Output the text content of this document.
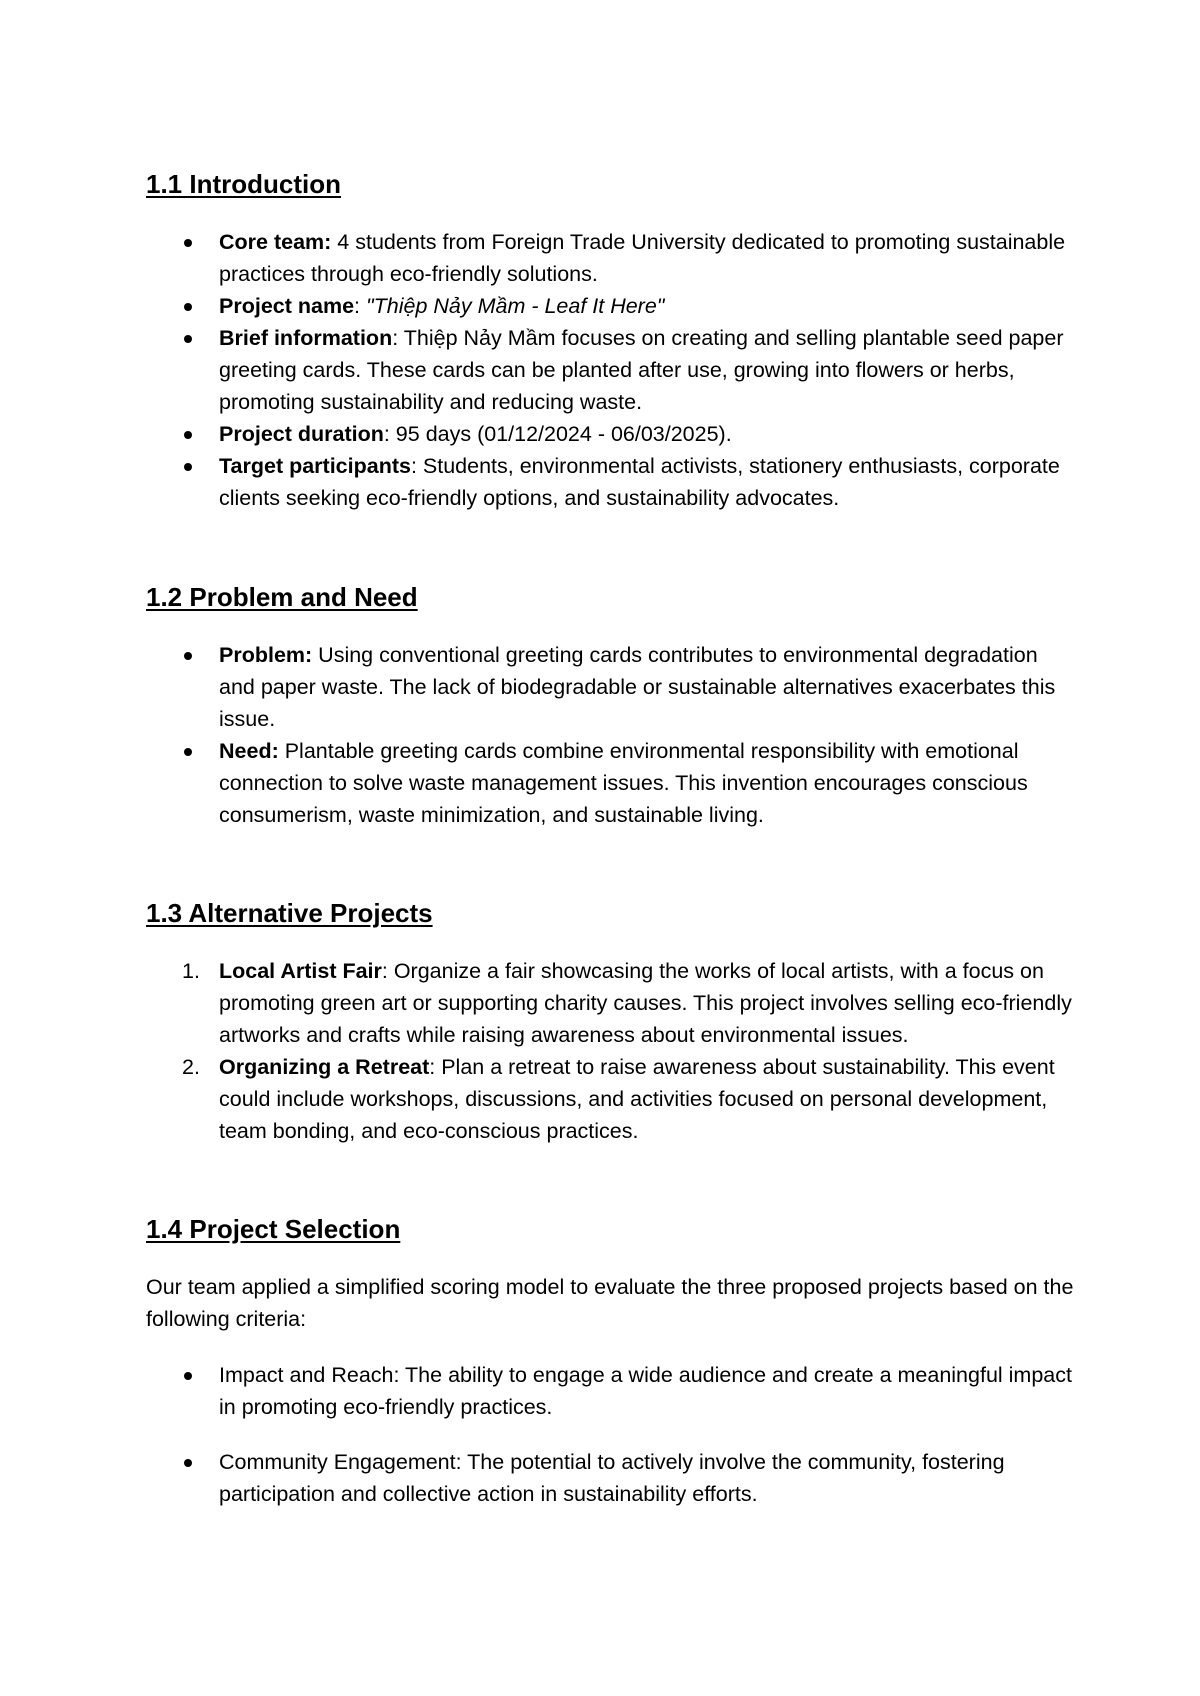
1.1 Introduction
Core team: 4 students from Foreign Trade University dedicated to promoting sustainable practices through eco-friendly solutions.
Project name: "Thiệp Nảy Mầm - Leaf It Here"
Brief information: Thiệp Nảy Mầm focuses on creating and selling plantable seed paper greeting cards. These cards can be planted after use, growing into flowers or herbs, promoting sustainability and reducing waste.
Project duration: 95 days (01/12/2024 - 06/03/2025).
Target participants: Students, environmental activists, stationery enthusiasts, corporate clients seeking eco-friendly options, and sustainability advocates.
1.2 Problem and Need
Problem: Using conventional greeting cards contributes to environmental degradation and paper waste. The lack of biodegradable or sustainable alternatives exacerbates this issue.
Need: Plantable greeting cards combine environmental responsibility with emotional connection to solve waste management issues. This invention encourages conscious consumerism, waste minimization, and sustainable living.
1.3 Alternative Projects
1. Local Artist Fair: Organize a fair showcasing the works of local artists, with a focus on promoting green art or supporting charity causes. This project involves selling eco-friendly artworks and crafts while raising awareness about environmental issues.
2. Organizing a Retreat: Plan a retreat to raise awareness about sustainability. This event could include workshops, discussions, and activities focused on personal development, team bonding, and eco-conscious practices.
1.4 Project Selection

Our team applied a simplified scoring model to evaluate the three proposed projects based on the following criteria:

Impact and Reach: The ability to engage a wide audience and create a meaningful impact in promoting eco-friendly practices.
Community Engagement: The potential to actively involve the community, fostering participation and collective action in sustainability efforts.
